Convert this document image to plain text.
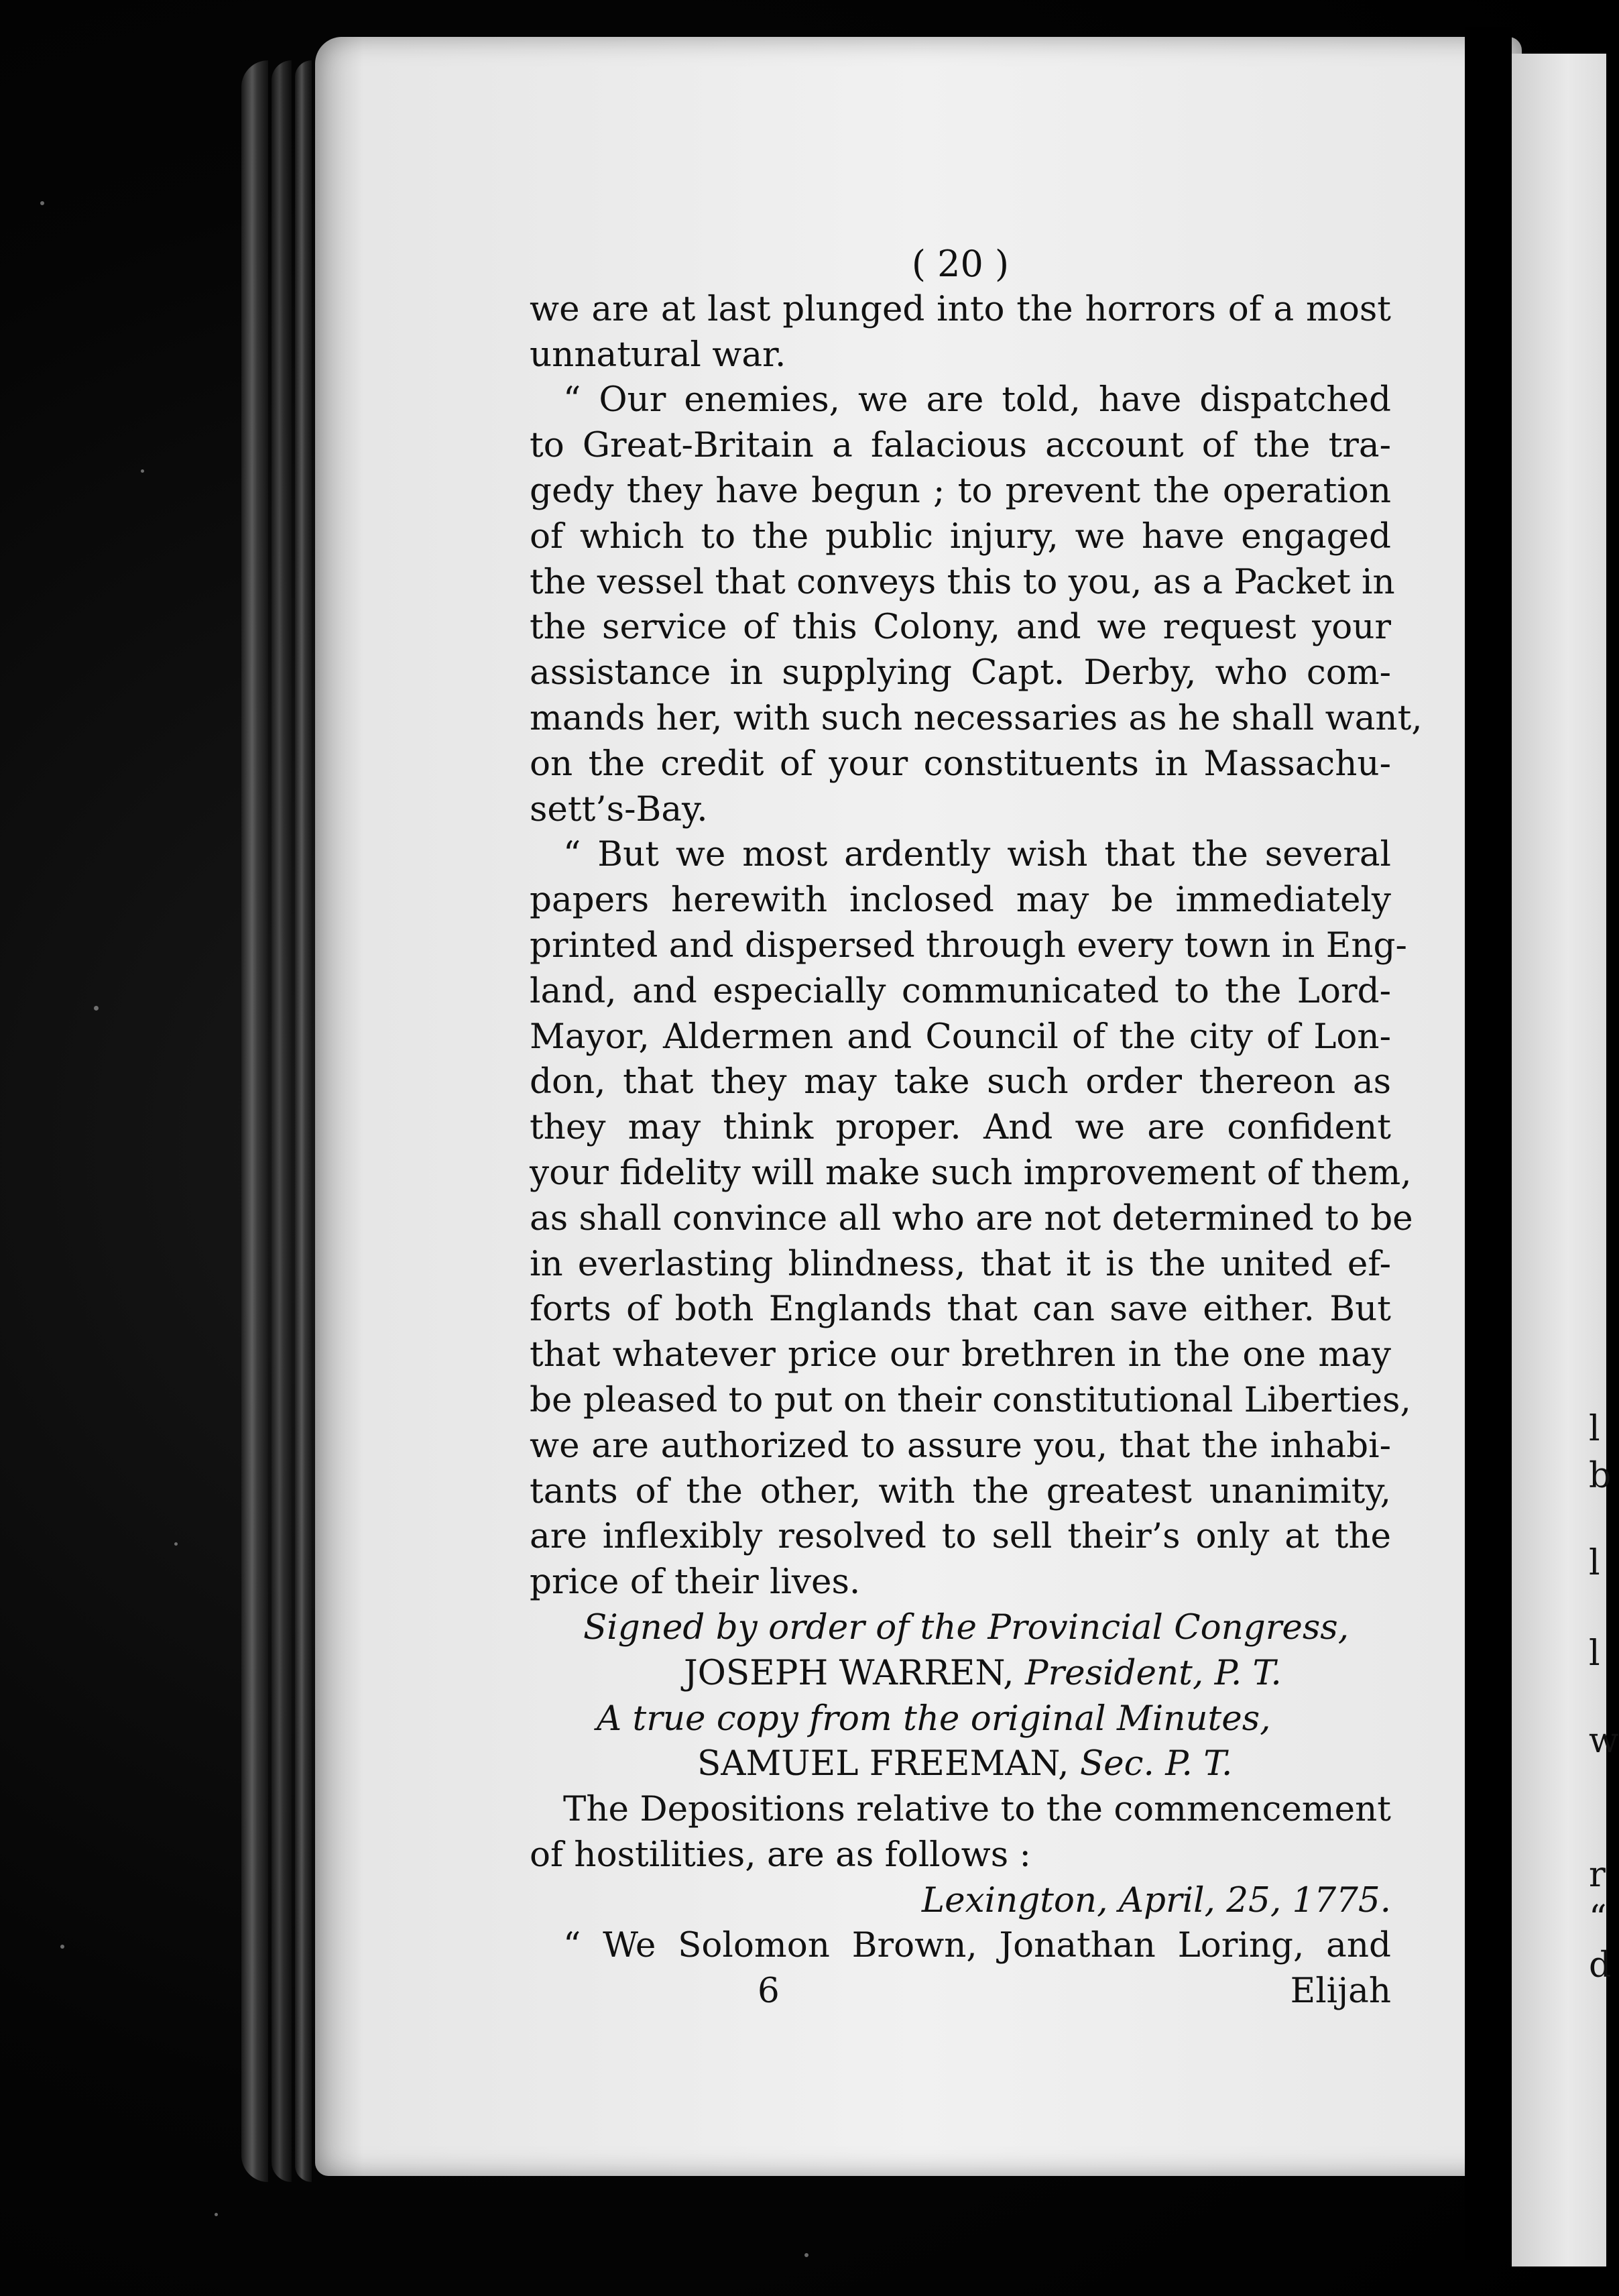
l
b
l
l
w
r
“
d
( 20 )
we are at last plunged into the horrors of a most
unnatural war.
“ Our enemies, we are told, have dispatched
to Great-Britain a falacious account of the tra-
gedy they have begun ; to prevent the operation
of which to the public injury, we have engaged
the vessel that conveys this to you, as a Packet in
the service of this Colony, and we request your
assistance in supplying Capt. Derby, who com-
mands her, with such necessaries as he shall want,
on the credit of your constituents in Massachu-
sett’s-Bay.
“ But we most ardently wish that the several
papers herewith inclosed may be immediately
printed and dispersed through every town in Eng-
land, and especially communicated to the Lord-
Mayor, Aldermen and Council of the city of Lon-
don, that they may take such order thereon as
they may think proper. And we are confident
your fidelity will make such improvement of them,
as shall convince all who are not determined to be
in everlasting blindness, that it is the united ef-
forts of both Englands that can save either. But
that whatever price our brethren in the one may
be pleased to put on their constitutional Liberties,
we are authorized to assure you, that the inhabi-
tants of the other, with the greatest unanimity,
are inflexibly resolved to sell their’s only at the
price of their lives.
Signed by order of the Provincial Congress,
JOSEPH WARREN, President, P. T.
A true copy from the original Minutes,
SAMUEL FREEMAN, Sec. P. T.
The Depositions relative to the commencement
of hostilities, are as follows :
Lexington, April, 25, 1775.
“ We Solomon Brown, Jonathan Loring, and
6	Elijah
